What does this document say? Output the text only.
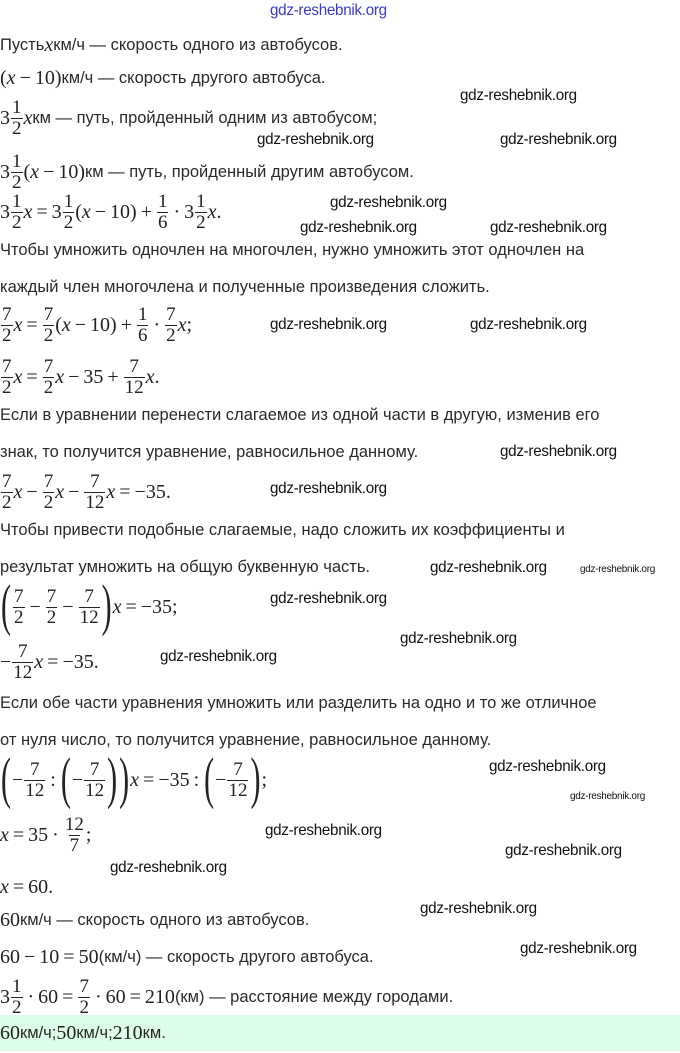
gdz-reshebnik.org
Пусть x км/ч — скорость одного из автобусов.
( x  − 10) км/ч — скорость другого автобуса.
$3 \frac{1}{2}$ x км — путь, пройденный одним из автобусом;
$3 \frac{1}{2}$ ( x  − 10) км — путь, пройденный другим автобусом.
$3 \frac{1}{2}$ $x = 3 \frac{1}{2}$ ( $x - 10) + \frac{1}{6} \cdot 3 \frac{1}{2}$ x .
Чтобы умножить одночлен на многочлен, нужно умножить этот одночлен на
каждый член многочлена и полученные произведения сложить.
$\frac{7}{2}$ $x = \frac{7}{2}$ ( $x - 10) + \frac{1}{6} \cdot \frac{7}{2}$ x ;
$\frac{7}{2}$ $x = \frac{7}{2}$ $x - 35 + \frac{7}{12}$ x .
Если в уравнении перенести слагаемое из одной части в другую, изменив его
знак, то получится уравнение, равносильное данному.
$\frac{7}{2}$ $x - \frac{7}{2}$ $x - \frac{7}{12}$ x  = −35.
Чтобы привести подобные слагаемые, надо сложить их коэффициенты и
результат умножить на общую буквенную часть.
( $\frac{7}{2} - \frac{7}{2} - \frac{7}{12}$ ) x  = −35;
− $\frac{7}{12}$ x  = −35.
Если обе части уравнения умножить или разделить на одно и то же отличное
от нуля число, то получится уравнение, равносильное данному.
( − $\frac{7}{12}$  :  ( − $\frac{7}{12}$ ) ) x  = −35 :  ( − $\frac{7}{12}$ ) ;
$x = 35 \cdot \frac{12}{7}$ ;
x  = 60.
60 км/ч — скорость одного из автобусов.
60 − 10 = 50 (км/ч) — скорость другого автобуса.
$3 \frac{1}{2} \cdot 60 = \frac{7}{2} \cdot 60 = 210$ (км) — расстояние между городами.
60 км/ч; 50 км/ч; 210 км.
gdz-reshebnik.org
gdz-reshebnik.org	gdz-reshebnik.org
gdz-reshebnik.org
gdz-reshebnik.org	gdz-reshebnik.org
gdz-reshebnik.org	gdz-reshebnik.org
gdz-reshebnik.org
gdz-reshebnik.org
gdz-reshebnik.org
gdz-reshebnik.org
gdz-reshebnik.org
gdz-reshebnik.org
gdz-reshebnik.org
gdz-reshebnik.org
gdz-reshebnik.org
gdz-reshebnik.org
gdz-reshebnik.org
gdz-reshebnik.org
gdz-reshebnik.org
gdz-reshebnik.org
